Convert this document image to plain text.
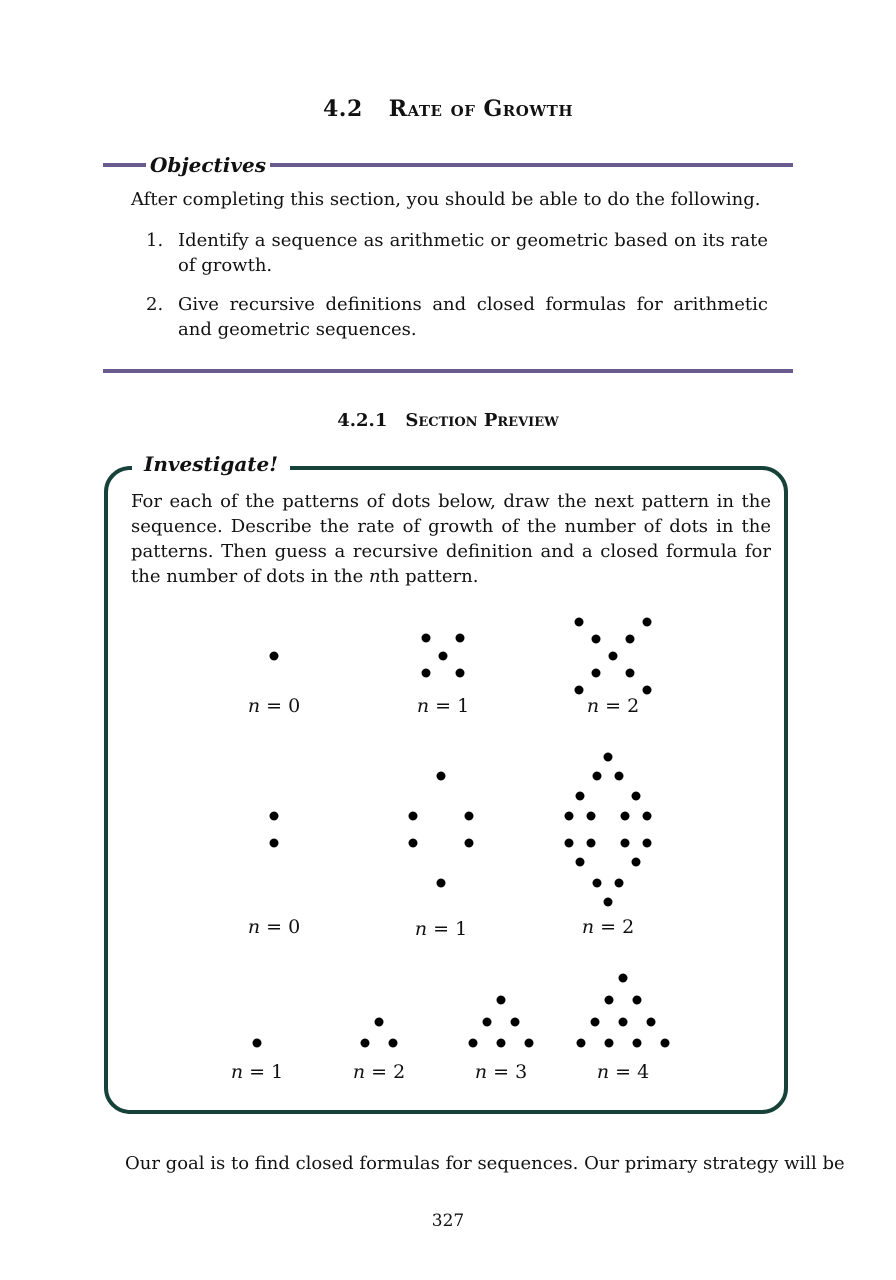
4.2 Rate of Growth
Objectives
After completing this section, you should be able to do the following.
1. Identify a sequence as arithmetic or geometric based on its rate of growth.
2. Give recursive definitions and closed formulas for arithmetic and geometric sequences.
4.2.1 Section Preview
Investigate!
For each of the patterns of dots below, draw the next pattern in the sequence. Describe the rate of growth of the number of dots in the patterns. Then guess a recursive definition and a closed formula for the number of dots in the nth pattern.
n = 0	n = 1	n = 2
n = 0	n = 1	n = 2
n = 1	n = 2	n = 3	n = 4
Our goal is to find closed formulas for sequences. Our primary strategy will be
327
